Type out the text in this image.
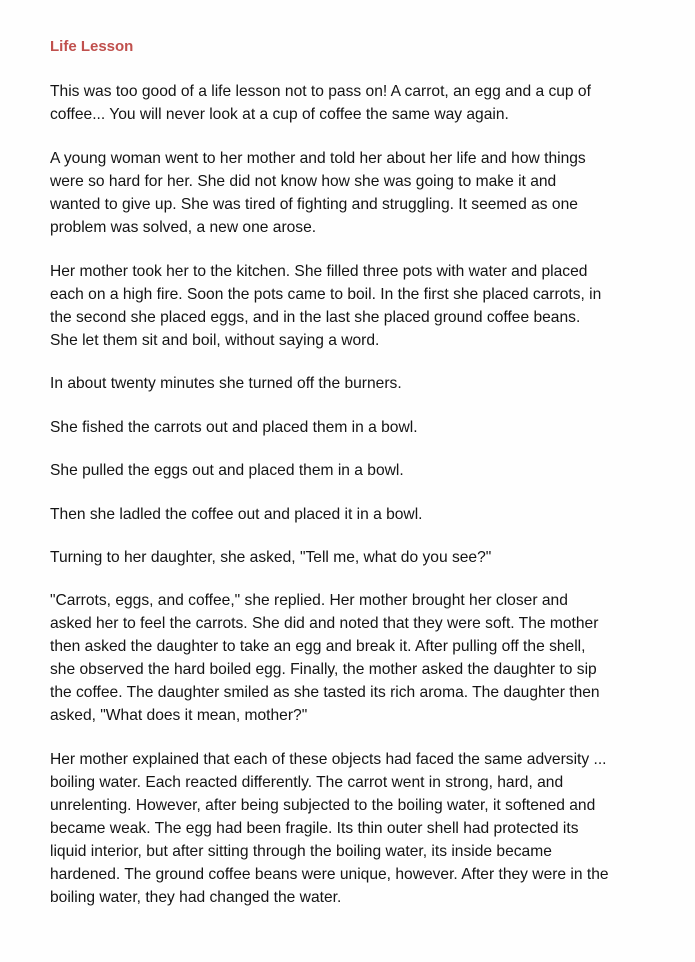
Life Lesson

This was too good of a life lesson not to pass on! A carrot, an egg and a cup of
coffee... You will never look at a cup of coffee the same way again.

A young woman went to her mother and told her about her life and how things
were so hard for her. She did not know how she was going to make it and
wanted to give up. She was tired of fighting and struggling. It seemed as one
problem was solved, a new one arose.

Her mother took her to the kitchen. She filled three pots with water and placed
each on a high fire. Soon the pots came to boil. In the first she placed carrots, in
the second she placed eggs, and in the last she placed ground coffee beans.
She let them sit and boil, without saying a word.

In about twenty minutes she turned off the burners.

She fished the carrots out and placed them in a bowl.

She pulled the eggs out and placed them in a bowl.

Then she ladled the coffee out and placed it in a bowl.

Turning to her daughter, she asked, "Tell me, what do you see?"

"Carrots, eggs, and coffee," she replied. Her mother brought her closer and
asked her to feel the carrots. She did and noted that they were soft. The mother
then asked the daughter to take an egg and break it. After pulling off the shell,
she observed the hard boiled egg. Finally, the mother asked the daughter to sip
the coffee. The daughter smiled as she tasted its rich aroma. The daughter then
asked, "What does it mean, mother?"

Her mother explained that each of these objects had faced the same adversity ...
boiling water. Each reacted differently. The carrot went in strong, hard, and
unrelenting. However, after being subjected to the boiling water, it softened and
became weak. The egg had been fragile. Its thin outer shell had protected its
liquid interior, but after sitting through the boiling water, its inside became
hardened. The ground coffee beans were unique, however. After they were in the
boiling water, they had changed the water.
